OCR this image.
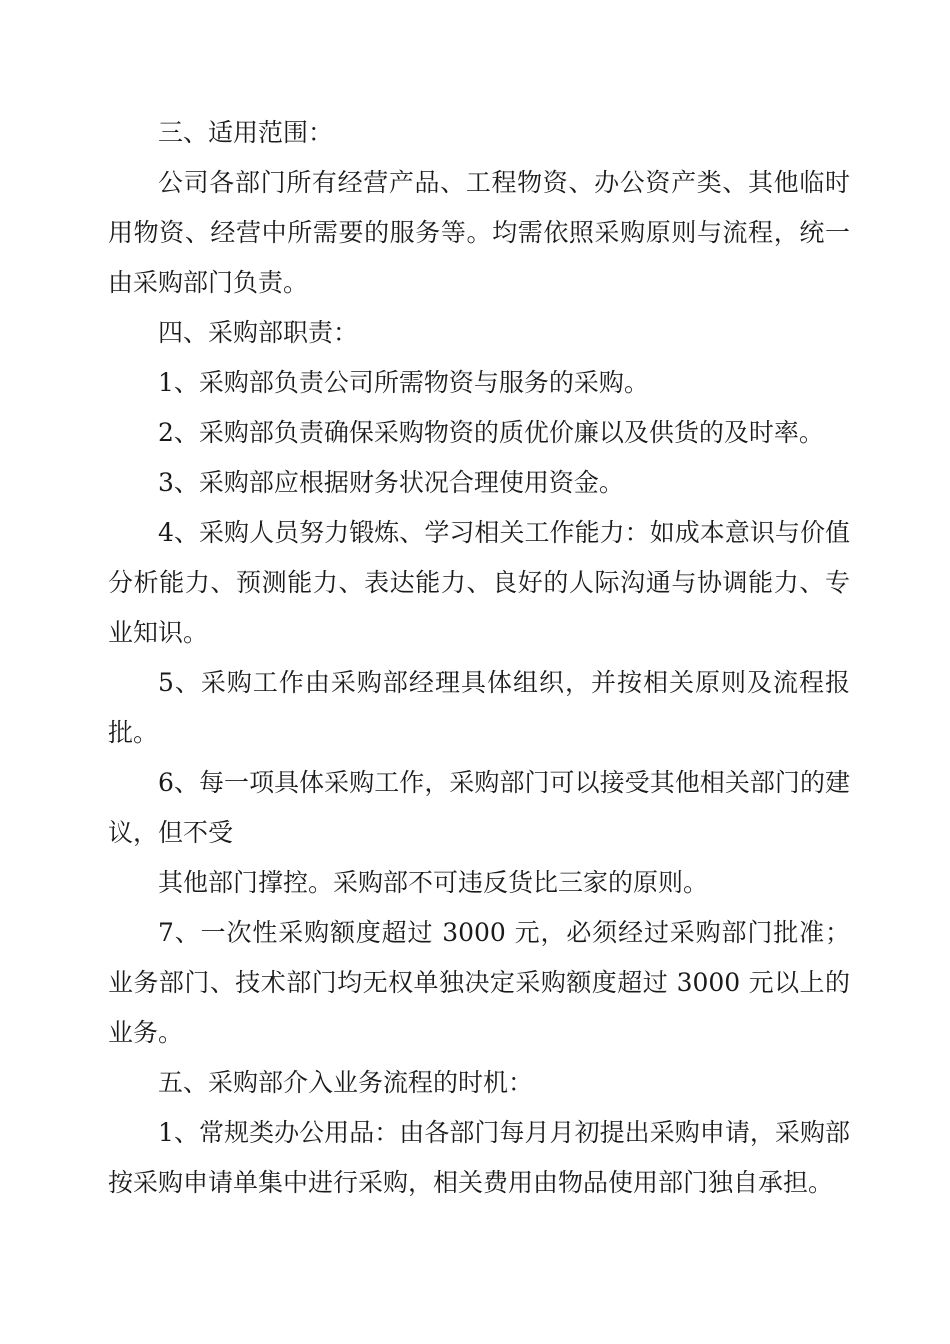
三、适用范围：

公司各部门所有经营产品、工程物资、办公资产类、其他临时用物资、经营中所需要的服务等。均需依照采购原则与流程，统一由采购部门负责。

四、采购部职责：

1、采购部负责公司所需物资与服务的采购。

2、采购部负责确保采购物资的质优价廉以及供货的及时率。

3、采购部应根据财务状况合理使用资金。

4、采购人员努力锻炼、学习相关工作能力：如成本意识与价值分析能力、预测能力、表达能力、良好的人际沟通与协调能力、专业知识。

5、采购工作由采购部经理具体组织，并按相关原则及流程报批。

6、每一项具体采购工作，采购部门可以接受其他相关部门的建议，但不受

其他部门撑控。采购部不可违反货比三家的原则。

7、一次性采购额度超过 3000 元，必须经过采购部门批准；业务部门、技术部门均无权单独决定采购额度超过 3000 元以上的业务。

五、采购部介入业务流程的时机：

1、常规类办公用品：由各部门每月月初提出采购申请，采购部按采购申请单集中进行采购，相关费用由物品使用部门独自承担。
